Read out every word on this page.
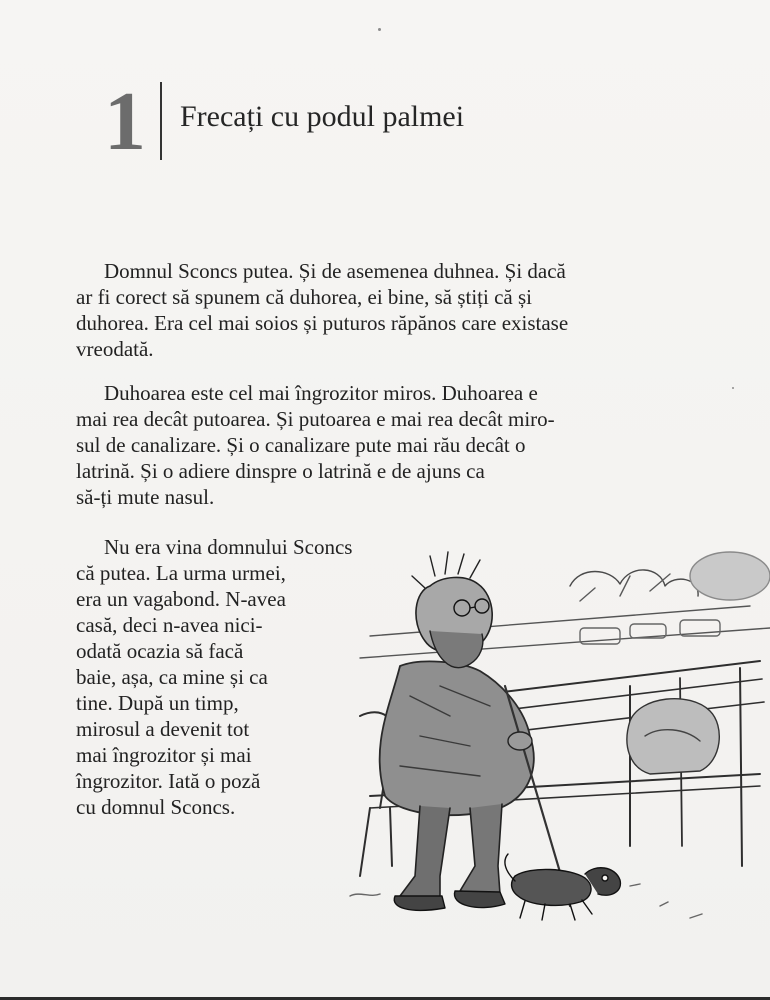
1 Frecați cu podul palmei
Domnul Sconcs putea. Și de asemenea duhnea. Și dacă
ar fi corect să spunem că duhorea, ei bine, să știți că și
duhorea. Era cel mai soios și puturos răpănos care existase
vreodată.
Duhoarea este cel mai îngrozitor miros. Duhoarea e
mai rea decât putoarea. Și putoarea e mai rea decât miro-
sul de canalizare. Și o canalizare pute mai rău decât o
latrină. Și o adiere dinspre o latrină e de ajuns ca
să-ți mute nasul.
Nu era vina domnului Sconcs
că putea. La urma urmei,
era un vagabond. N-avea
casă, deci n-avea nici-
odată ocazia să facă
baie, așa, ca mine și ca
tine. După un timp,
mirosul a devenit tot
mai îngrozitor și mai
îngrozitor. Iată o poză
cu domnul Sconcs.
